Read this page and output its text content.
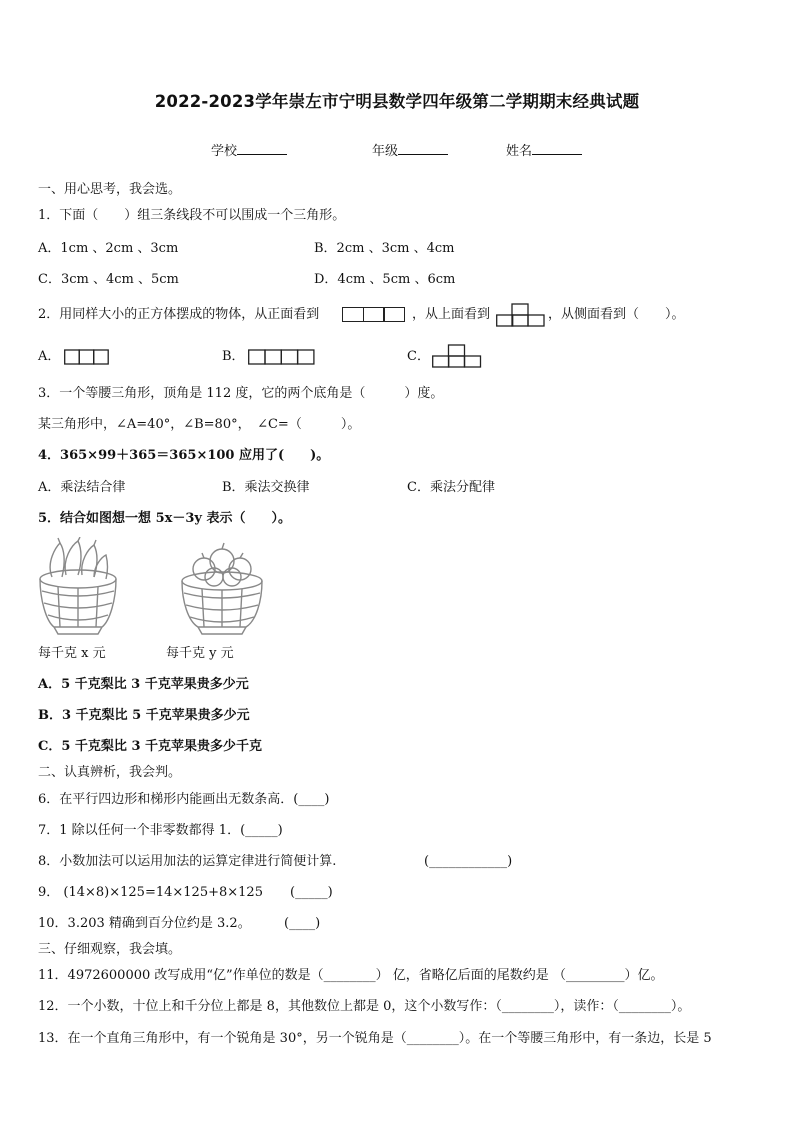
2022-2023学年崇左市宁明县数学四年级第二学期期末经典试题
学校	年级	姓名
一、用心思考，我会选。
1．下面（　　）组三条线段不可以围成一个三角形。
A．1cm 、2cm 、3cm	B．2cm 、3cm 、4cm
C．3cm 、4cm 、5cm	D．4cm 、5cm 、6cm
2．用同样大小的正方体摆成的物体，从正面看到	，从上面看到	，从侧面看到（　　）。
A．	B．	C．
3．一个等腰三角形，顶角是 112 度，它的两个底角是（　　　）度。
某三角形中，∠A=40°，∠B=80°，　∠C=（　　　）。
4．365×99＋365＝365×100 应用了(　　)。
A．乘法结合律	B．乘法交换律	C．乘法分配律
5．结合如图想一想 5x－3y 表示（　　）。
每千克 x 元	每千克 y 元
A．5 千克梨比 3 千克苹果贵多少元
B．3 千克梨比 5 千克苹果贵多少元
C．5 千克梨比 3 千克苹果贵多少千克
二、认真辨析，我会判。
6．在平行四边形和梯形内能画出无数条高．(____)
7．1 除以任何一个非零数都得 1．(_____)
8．小数加法可以运用加法的运算定律进行简便计算.	(____________)
9． (14×8)×125=14×125+8×125 (_____)
10．3.203 精确到百分位约是 3.2。	(____)
三、仔细观察，我会填。
11．4972600000 改写成用“亿”作单位的数是（________） 亿，省略亿后面的尾数约是 （_________）亿。
12．一个小数，十位上和千分位上都是 8，其他数位上都是 0，这个小数写作：（________），读作：（________）。
13．在一个直角三角形中，有一个锐角是 30°，另一个锐角是（________）。在一个等腰三角形中，有一条边，长是 5
